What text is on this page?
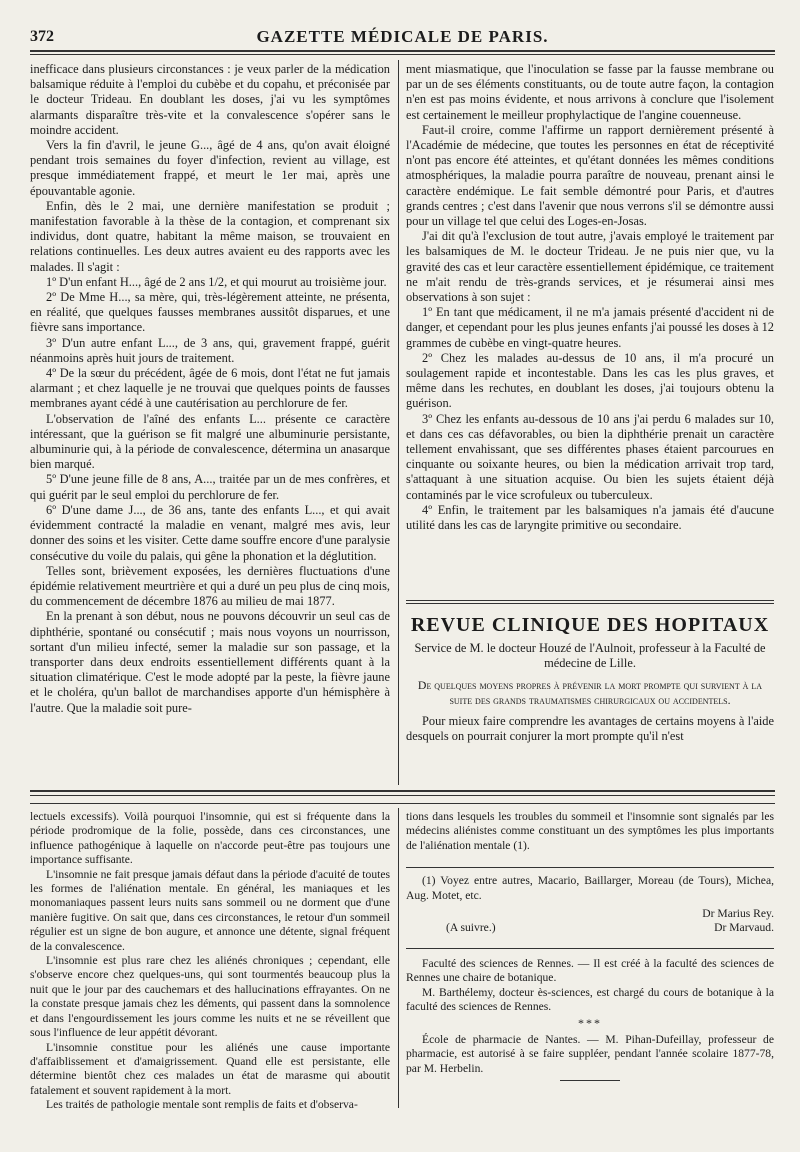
372	GAZETTE MÉDICALE DE PARIS.

inefficace dans plusieurs circonstances : je veux parler de la médication balsamique réduite à l'emploi du cubèbe et du copahu, et préconisée par le docteur Trideau. En doublant les doses, j'ai vu les symptômes alarmants disparaître très-vite et la convalescence s'opérer sans le moindre accident.

Vers la fin d'avril, le jeune G..., âgé de 4 ans, qu'on avait éloigné pendant trois semaines du foyer d'infection, revient au village, est presque immédiatement frappé, et meurt le 1er mai, après une épouvantable agonie.

Enfin, dès le 2 mai, une dernière manifestation se produit ; manifestation favorable à la thèse de la contagion, et comprenant six individus, dont quatre, habitant la même maison, se trouvaient en relations continuelles. Les deux autres avaient eu des rapports avec les malades. Il s'agit :

1º D'un enfant H..., âgé de 2 ans 1/2, et qui mourut au troisième jour.

2º De Mme H..., sa mère, qui, très-légèrement atteinte, ne présenta, en réalité, que quelques fausses membranes aussitôt disparues, et une fièvre sans importance.

3º D'un autre enfant L..., de 3 ans, qui, gravement frappé, guérit néanmoins après huit jours de traitement.

4º De la sœur du précédent, âgée de 6 mois, dont l'état ne fut jamais alarmant ; et chez laquelle je ne trouvai que quelques points de fausses membranes ayant cédé à une cautérisation au perchlorure de fer.

L'observation de l'aîné des enfants L... présente ce caractère intéressant, que la guérison se fit malgré une albuminurie persistante, albuminurie qui, à la période de convalescence, détermina un anasarque bien marqué.

5º D'une jeune fille de 8 ans, A..., traitée par un de mes confrères, et qui guérit par le seul emploi du perchlorure de fer.

6º D'une dame J..., de 36 ans, tante des enfants L..., et qui avait évidemment contracté la maladie en venant, malgré mes avis, leur donner des soins et les visiter. Cette dame souffre encore d'une paralysie consécutive du voile du palais, qui gêne la phonation et la déglutition.

Telles sont, brièvement exposées, les dernières fluctuations d'une épidémie relativement meurtrière et qui a duré un peu plus de cinq mois, du commencement de décembre 1876 au milieu de mai 1877.

En la prenant à son début, nous ne pouvons découvrir un seul cas de diphthérie, spontané ou consécutif ; mais nous voyons un nourrisson, sortant d'un milieu infecté, semer la maladie sur son passage, et la transporter dans deux endroits essentiellement différents quant à la situation climatérique. C'est le mode adopté par la peste, la fièvre jaune et le choléra, qu'un ballot de marchandises apporte d'un hémisphère à l'autre. Que la maladie soit pure-

ment miasmatique, que l'inoculation se fasse par la fausse membrane ou par un de ses éléments constituants, ou de toute autre façon, la contagion n'en est pas moins évidente, et nous arrivons à conclure que l'isolement est certainement le meilleur prophylactique de l'angine couenneuse.

Faut-il croire, comme l'affirme un rapport dernièrement présenté à l'Académie de médecine, que toutes les personnes en état de réceptivité n'ont pas encore été atteintes, et qu'étant données les mêmes conditions atmosphériques, la maladie pourra paraître de nouveau, prenant ainsi le caractère endémique. Le fait semble démontré pour Paris, et d'autres grands centres ; c'est dans l'avenir que nous verrons s'il se démontre aussi pour un village tel que celui des Loges-en-Josas.

J'ai dit qu'à l'exclusion de tout autre, j'avais employé le traitement par les balsamiques de M. le docteur Trideau. Je ne puis nier que, vu la gravité des cas et leur caractère essentiellement épidémique, ce traitement ne m'ait rendu de très-grands services, et je résumerai ainsi mes observations à son sujet :

1º En tant que médicament, il ne m'a jamais présenté d'accident ni de danger, et cependant pour les plus jeunes enfants j'ai poussé les doses à 12 grammes de cubèbe en vingt-quatre heures.

2º Chez les malades au-dessus de 10 ans, il m'a procuré un soulagement rapide et incontestable. Dans les cas les plus graves, et même dans les rechutes, en doublant les doses, j'ai toujours obtenu la guérison.

3º Chez les enfants au-dessous de 10 ans j'ai perdu 6 malades sur 10, et dans ces cas défavorables, ou bien la diphthérie prenait un caractère tellement envahissant, que ses différentes phases étaient parcourues en cinquante ou soixante heures, ou bien la médication arrivait trop tard, s'attaquant à une situation acquise. Ou bien les sujets étaient déjà contaminés par le vice scrofuleux ou tuberculeux.

4º Enfin, le traitement par les balsamiques n'a jamais été d'aucune utilité dans les cas de laryngite primitive ou secondaire.

REVUE CLINIQUE DES HOPITAUX

Service de M. le docteur Houzé de l'Aulnoit, professeur à la Faculté de médecine de Lille.

De quelques moyens propres à prévenir la mort prompte qui survient à la suite des grands traumatismes chirurgicaux ou accidentels.

Pour mieux faire comprendre les avantages de certains moyens à l'aide desquels on pourrait conjurer la mort prompte qu'il n'est

lectuels excessifs). Voilà pourquoi l'insomnie, qui est si fréquente dans la période prodromique de la folie, possède, dans ces circonstances, une influence pathogénique à laquelle on n'accorde peut-être pas toujours une importance suffisante.

L'insomnie ne fait presque jamais défaut dans la période d'acuité de toutes les formes de l'aliénation mentale. En général, les maniaques et les monomaniaques passent leurs nuits sans sommeil ou ne dorment que d'une manière fugitive. On sait que, dans ces circonstances, le retour d'un sommeil régulier est un signe de bon augure, et annonce une détente, signal fréquent de la convalescence.

L'insomnie est plus rare chez les aliénés chroniques ; cependant, elle s'observe encore chez quelques-uns, qui sont tourmentés beaucoup plus la nuit que le jour par des cauchemars et des hallucinations effrayantes. On ne la constate presque jamais chez les déments, qui passent dans la somnolence et dans l'engourdissement les jours comme les nuits et ne se réveillent que sous l'influence de leur appétit dévorant.

L'insomnie constitue pour les aliénés une cause importante d'affaiblissement et d'amaigrissement. Quand elle est persistante, elle détermine bientôt chez ces malades un état de marasme qui aboutit fatalement et souvent rapidement à la mort.

Les traités de pathologie mentale sont remplis de faits et d'observa-

tions dans lesquels les troubles du sommeil et l'insomnie sont signalés par les médecins aliénistes comme constituant un des symptômes les plus importants de l'aliénation mentale (1).

(1) Voyez entre autres, Macario, Baillarger, Moreau (de Tours), Michea, Aug. Motet, etc.

Dr Marius Rey.

(A suivre.)	Dr Marvaud.

Faculté des sciences de Rennes. — Il est créé à la faculté des sciences de Rennes une chaire de botanique.

M. Barthélemy, docteur ès-sciences, est chargé du cours de botanique à la faculté des sciences de Rennes.

***

École de pharmacie de Nantes. — M. Pihan-Dufeillay, professeur de pharmacie, est autorisé à se faire suppléer, pendant l'année scolaire 1877-78, par M. Herbelin.
